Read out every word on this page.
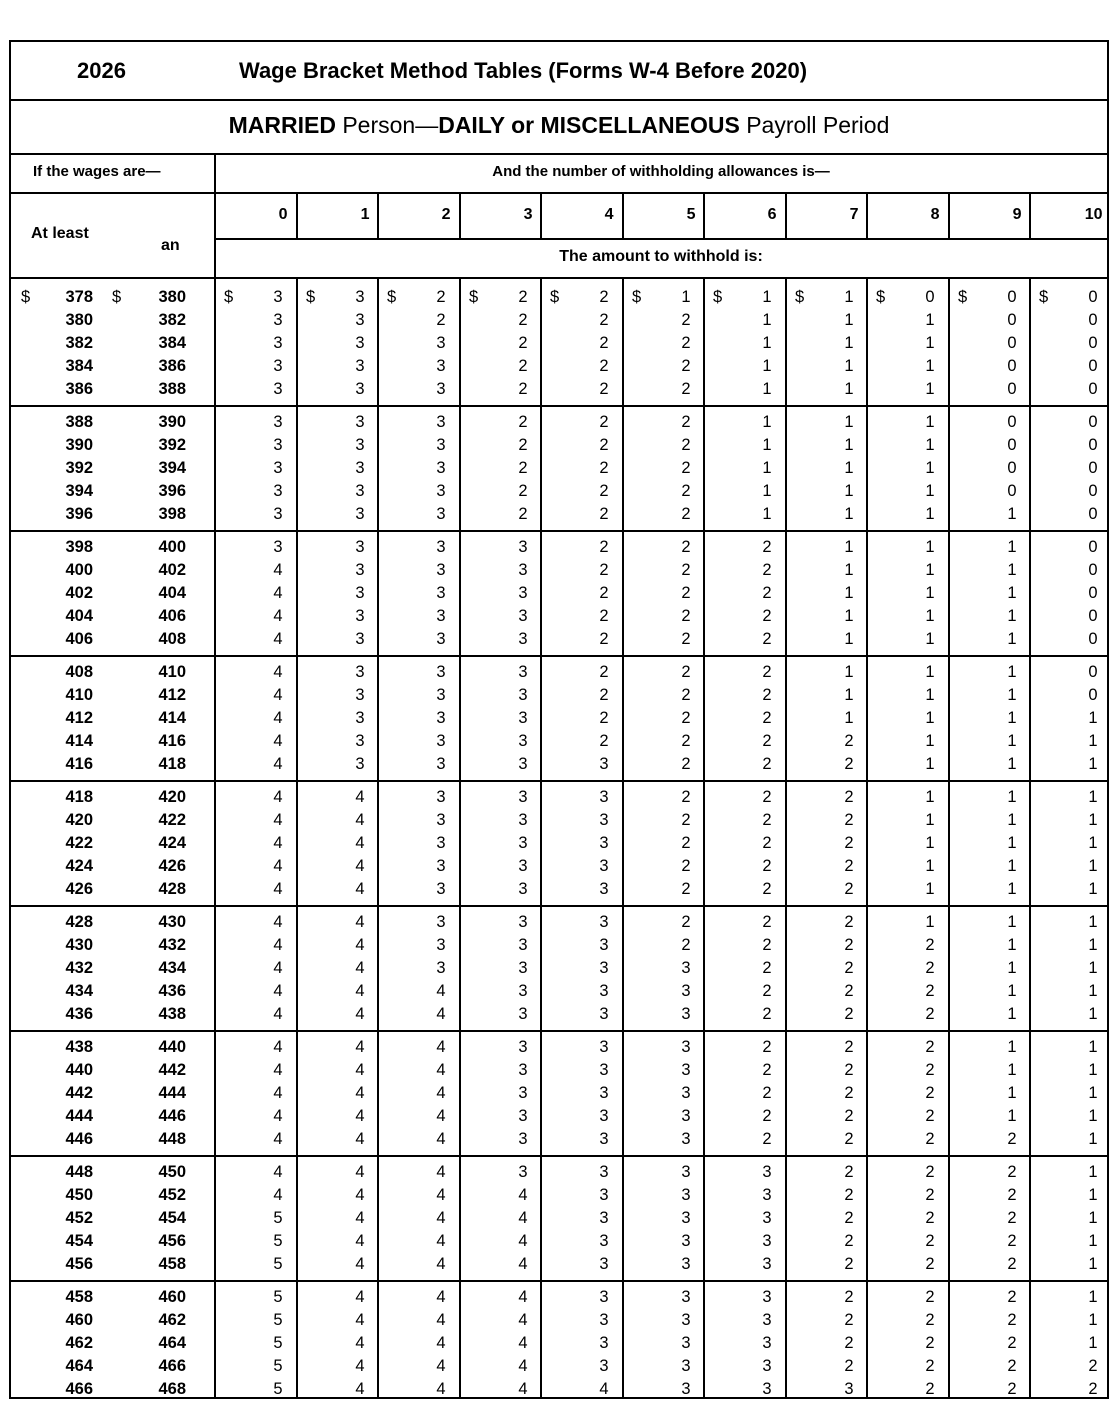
2026	Wage Bracket Method Tables (Forms W-4 Before 2020)
MARRIED Person—DAILY or MISCELLANEOUS Payroll Period
If the wages are—	And the number of withholding allowances is—
At least
an
The amount to withhold is:
0	1	2	3	4	5	6	7	8	9	10
$	$
378	380 $	3 $	3 $	2 $	2 $	2 $	1 $	1 $	1 $	0 $	0 $	0
380	382	3	3	2	2	2	2	1	1	1	0	0
382	384	3	3	3	2	2	2	1	1	1	0	0
384	386	3	3	3	2	2	2	1	1	1	0	0
386	388	3	3	3	2	2	2	1	1	1	0	0
388	390	3	3	3	2	2	2	1	1	1	0	0
390	392	3	3	3	2	2	2	1	1	1	0	0
392	394	3	3	3	2	2	2	1	1	1	0	0
394	396	3	3	3	2	2	2	1	1	1	0	0
396	398	3	3	3	2	2	2	1	1	1	1	0
398	400	3	3	3	3	2	2	2	1	1	1	0
400	402	4	3	3	3	2	2	2	1	1	1	0
402	404	4	3	3	3	2	2	2	1	1	1	0
404	406	4	3	3	3	2	2	2	1	1	1	0
406	408	4	3	3	3	2	2	2	1	1	1	0
408	410	4	3	3	3	2	2	2	1	1	1	0
410	412	4	3	3	3	2	2	2	1	1	1	0
412	414	4	3	3	3	2	2	2	1	1	1	1
414	416	4	3	3	3	2	2	2	2	1	1	1
416	418	4	3	3	3	3	2	2	2	1	1	1
418	420	4	4	3	3	3	2	2	2	1	1	1
420	422	4	4	3	3	3	2	2	2	1	1	1
422	424	4	4	3	3	3	2	2	2	1	1	1
424	426	4	4	3	3	3	2	2	2	1	1	1
426	428	4	4	3	3	3	2	2	2	1	1	1
428	430	4	4	3	3	3	2	2	2	1	1	1
430	432	4	4	3	3	3	2	2	2	2	1	1
432	434	4	4	3	3	3	3	2	2	2	1	1
434	436	4	4	4	3	3	3	2	2	2	1	1
436	438	4	4	4	3	3	3	2	2	2	1	1
438	440	4	4	4	3	3	3	2	2	2	1	1
440	442	4	4	4	3	3	3	2	2	2	1	1
442	444	4	4	4	3	3	3	2	2	2	1	1
444	446	4	4	4	3	3	3	2	2	2	1	1
446	448	4	4	4	3	3	3	2	2	2	2	1
448	450	4	4	4	3	3	3	3	2	2	2	1
450	452	4	4	4	4	3	3	3	2	2	2	1
452	454	5	4	4	4	3	3	3	2	2	2	1
454	456	5	4	4	4	3	3	3	2	2	2	1
456	458	5	4	4	4	3	3	3	2	2	2	1
458	460	5	4	4	4	3	3	3	2	2	2	1
460	462	5	4	4	4	3	3	3	2	2	2	1
462	464	5	4	4	4	3	3	3	2	2	2	1
464	466	5	4	4	4	3	3	3	2	2	2	2
466	468	5	4	4	4	4	3	3	3	2	2	2
